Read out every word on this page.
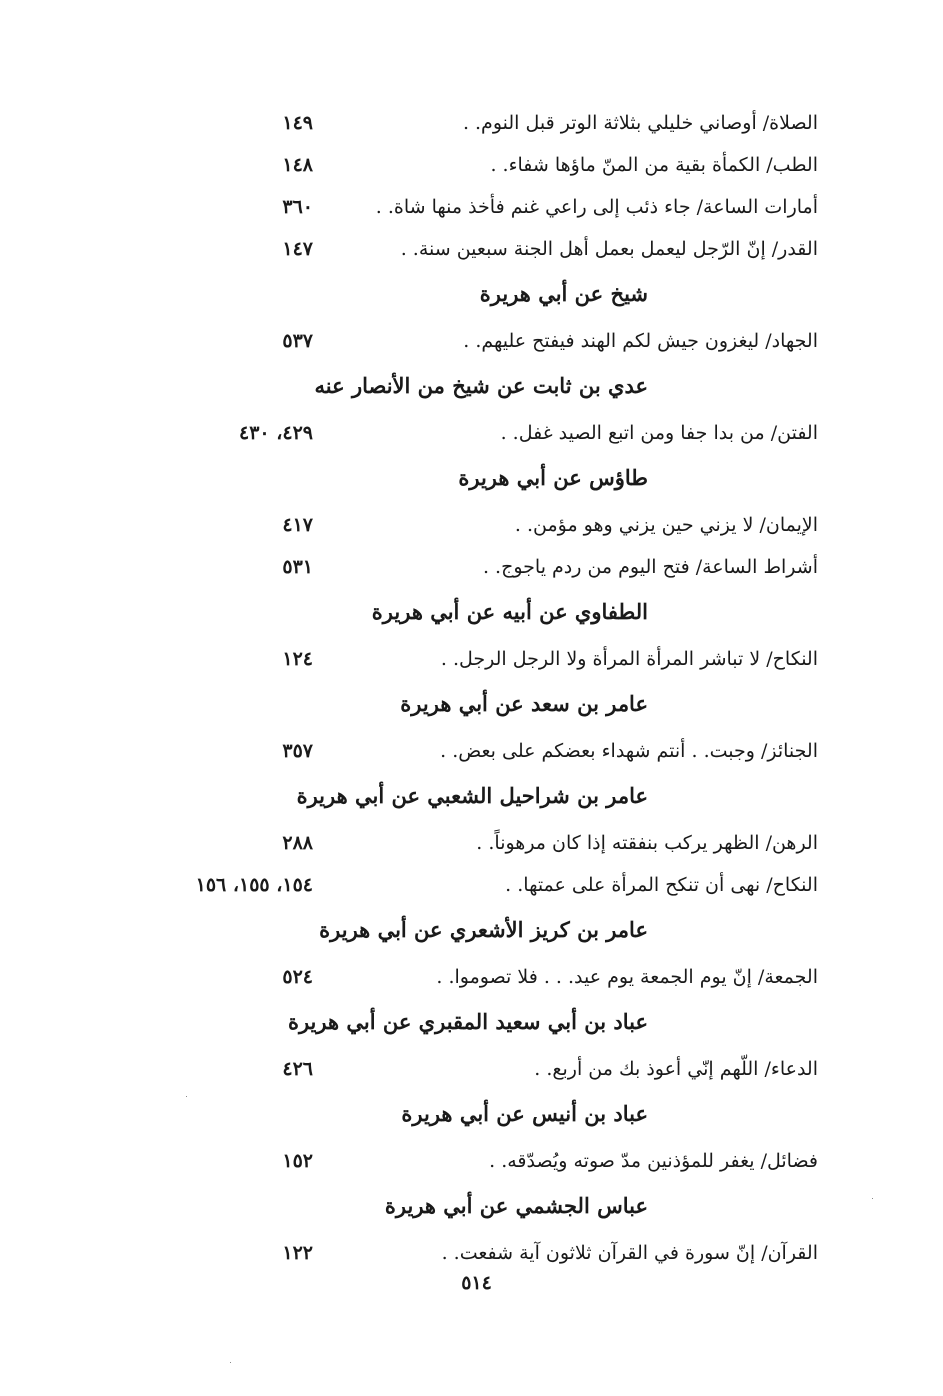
الصلاة/ أوصاني خليلي بثلاثة الوتر قبل النوم. .
١٤٩
الطب/ الكمأة بقية من المنّ ماؤها شفاء. .
١٤٨
أمارات الساعة/ جاء ذئب إلى راعي غنم فأخذ منها شاة. .
٣٦٠
القدر/ إنّ الرّجل ليعمل بعمل أهل الجنة سبعين سنة. .
١٤٧
شيخ عن أبي هريرة
الجهاد/ ليغزون جيش لكم الهند فيفتح عليهم. .
٥٣٧
عدي بن ثابت عن شيخ من الأنصار عنه
الفتن/ من بدا جفا ومن اتبع الصيد غفل. .
٤٢٩، ٤٣٠
طاؤس عن أبي هريرة
الإيمان/ لا يزني حين يزني وهو مؤمن. .
٤١٧
أشراط الساعة/ فتح اليوم من ردم ياجوج. .
٥٣١
الطفاوي عن أبيه عن أبي هريرة
النكاح/ لا تباشر المرأة المرأة ولا الرجل الرجل. .
١٢٤
عامر بن سعد عن أبي هريرة
الجنائز/ وجبت. . أنتم شهداء بعضكم على بعض. .
٣٥٧
عامر بن شراحيل الشعبي عن أبي هريرة
الرهن/ الظهر يركب بنفقته إذا كان مرهوناً. .
٢٨٨
النكاح/ نهى أن تنكح المرأة على عمتها. .
١٥٤، ١٥٥، ١٥٦
عامر بن كريز الأشعري عن أبي هريرة
الجمعة/ إنّ يوم الجمعة يوم عيد. . . فلا تصوموا. .
٥٢٤
عباد بن أبي سعيد المقبري عن أبي هريرة
الدعاء/ اللّهم إنّي أعوذ بك من أربع. .
٤٢٦
عباد بن أنيس عن أبي هريرة
فضائل/ يغفر للمؤذنين مدّ صوته ويُصدّقه. .
١٥٢
عباس الجشمي عن أبي هريرة
القرآن/ إنّ سورة في القرآن ثلاثون آية شفعت. .
١٢٢
٥١٤
